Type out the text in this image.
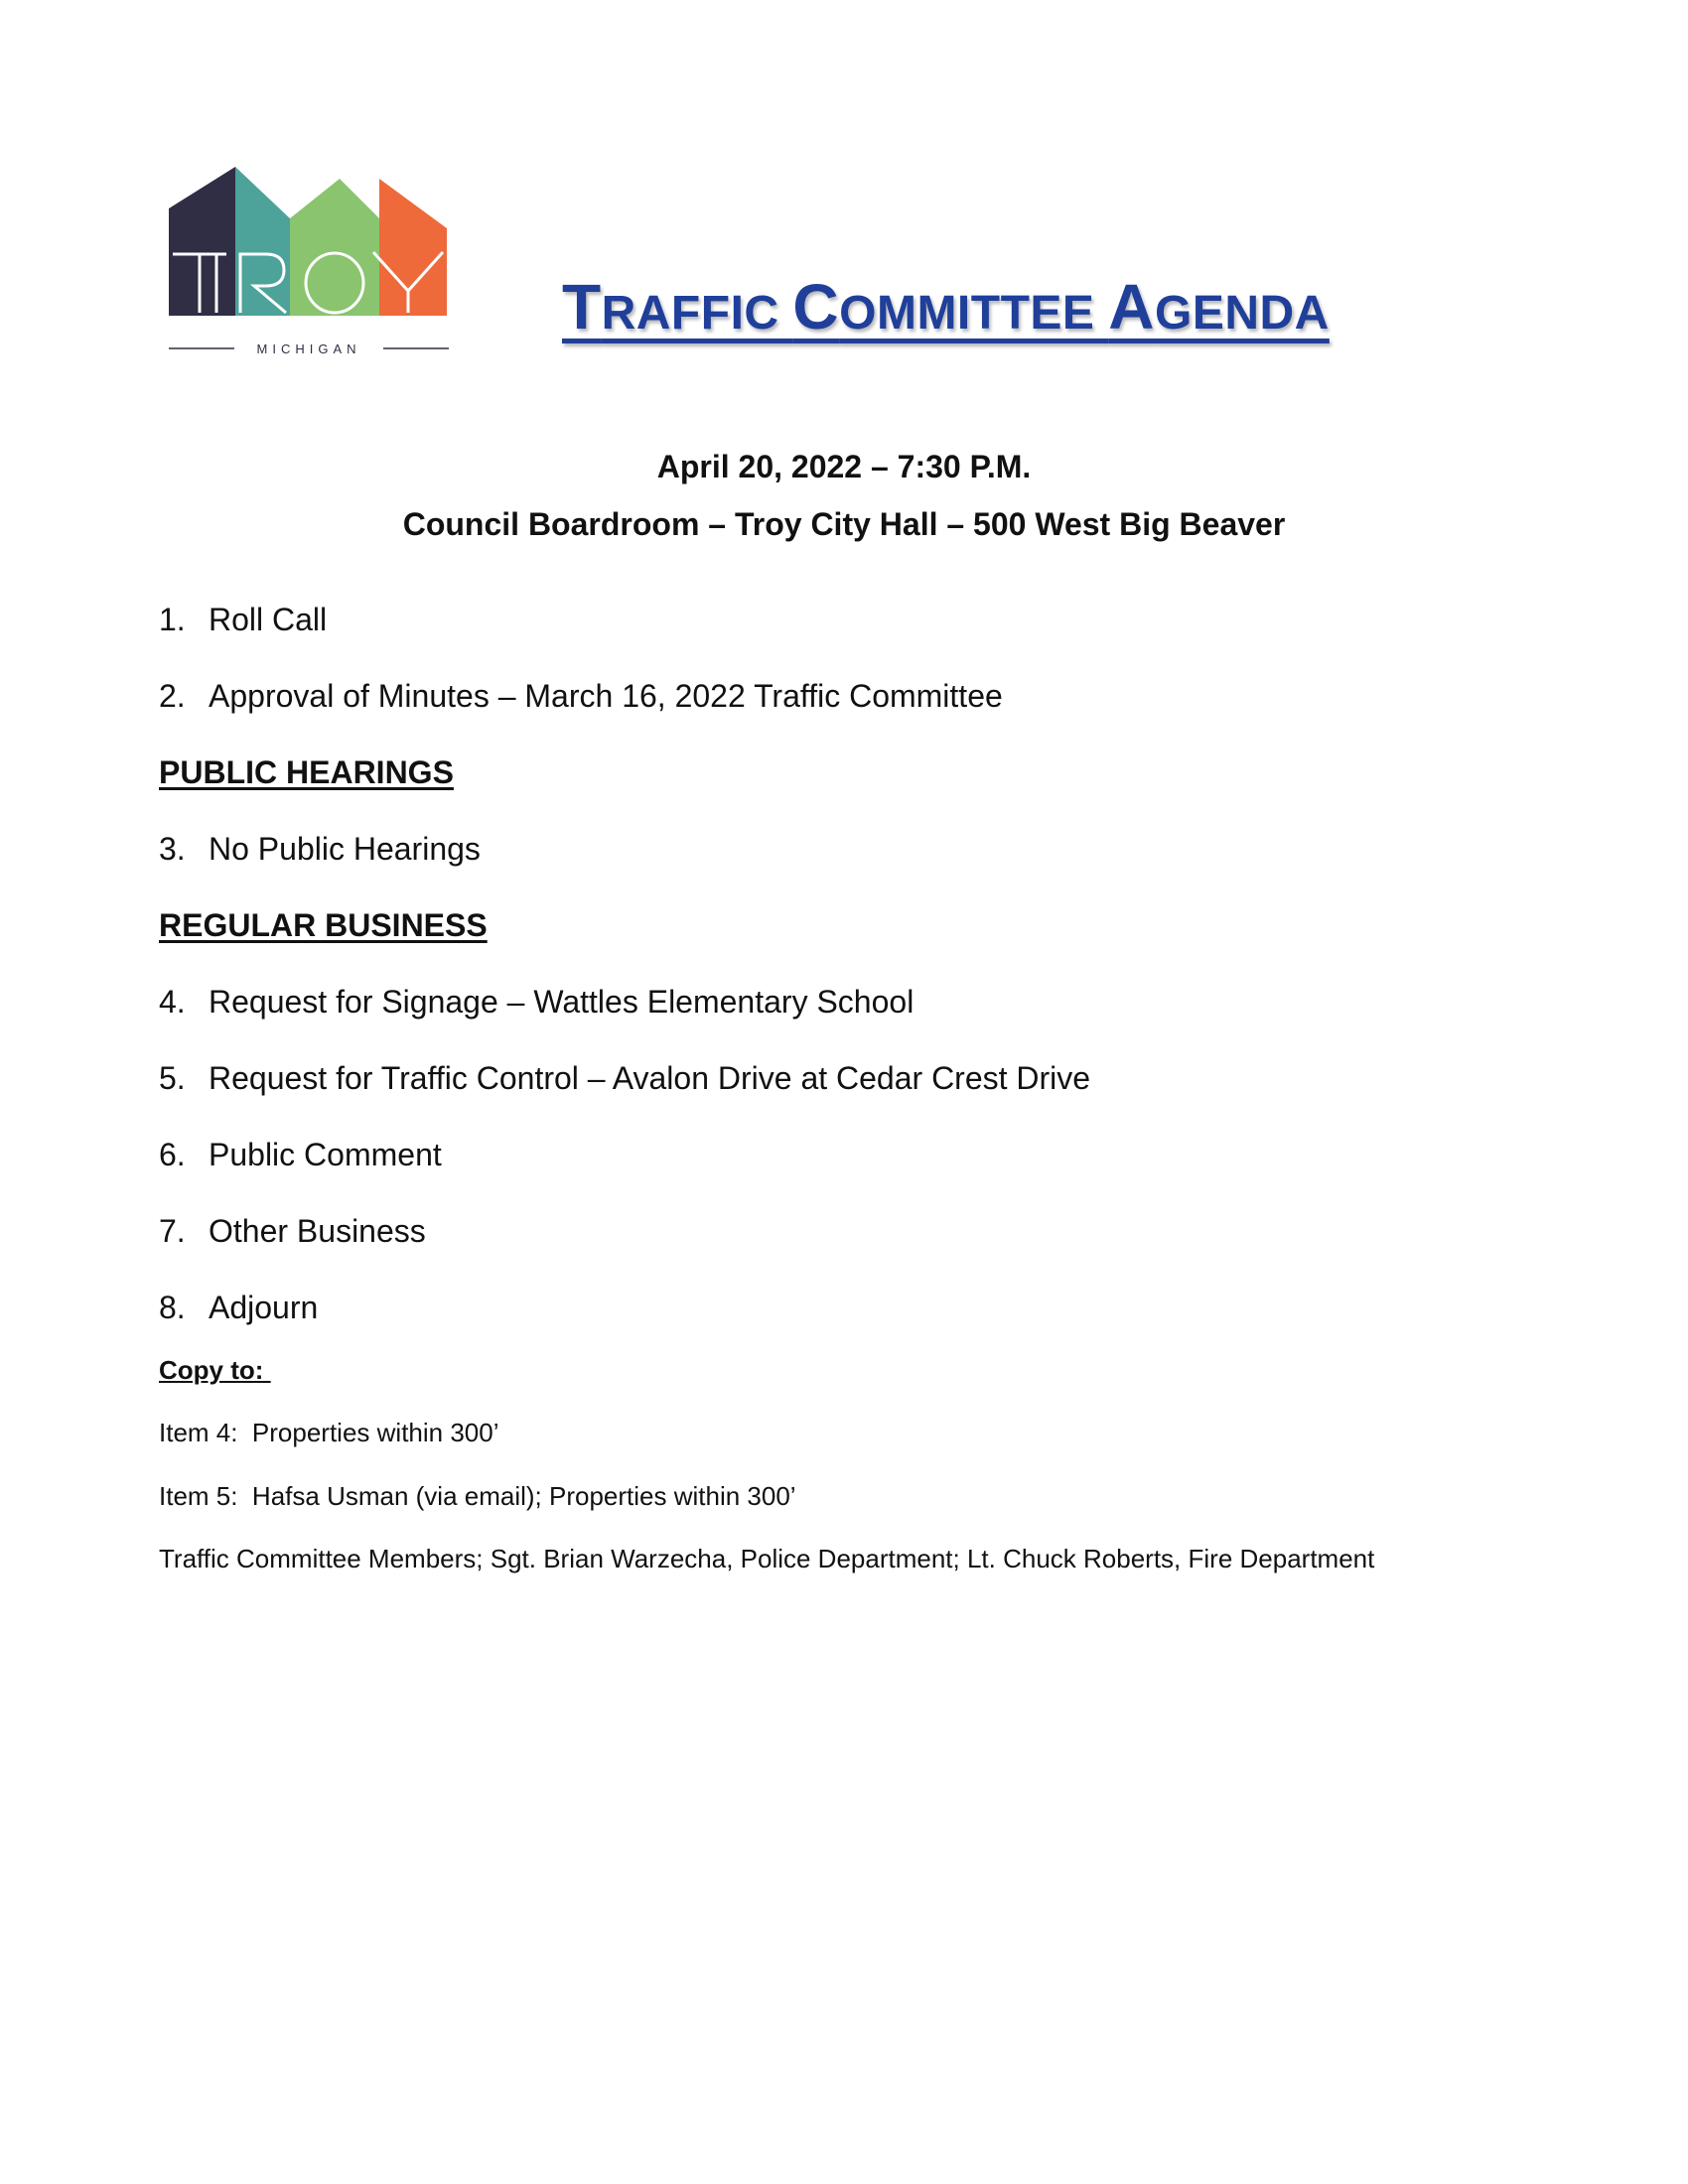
MICHIGAN
TRAFFIC COMMITTEE AGENDA
April 20, 2022 – 7:30 P.M.
Council Boardroom – Troy City Hall – 500 West Big Beaver
1. Roll Call
2. Approval of Minutes – March 16, 2022 Traffic Committee
PUBLIC HEARINGS
3. No Public Hearings
REGULAR BUSINESS
4. Request for Signage – Wattles Elementary School
5. Request for Traffic Control – Avalon Drive at Cedar Crest Drive
6. Public Comment
7. Other Business
8. Adjourn
Copy to:
Item 4:  Properties within 300’
Item 5:  Hafsa Usman (via email); Properties within 300’
Traffic Committee Members; Sgt. Brian Warzecha, Police Department; Lt. Chuck Roberts, Fire Department
